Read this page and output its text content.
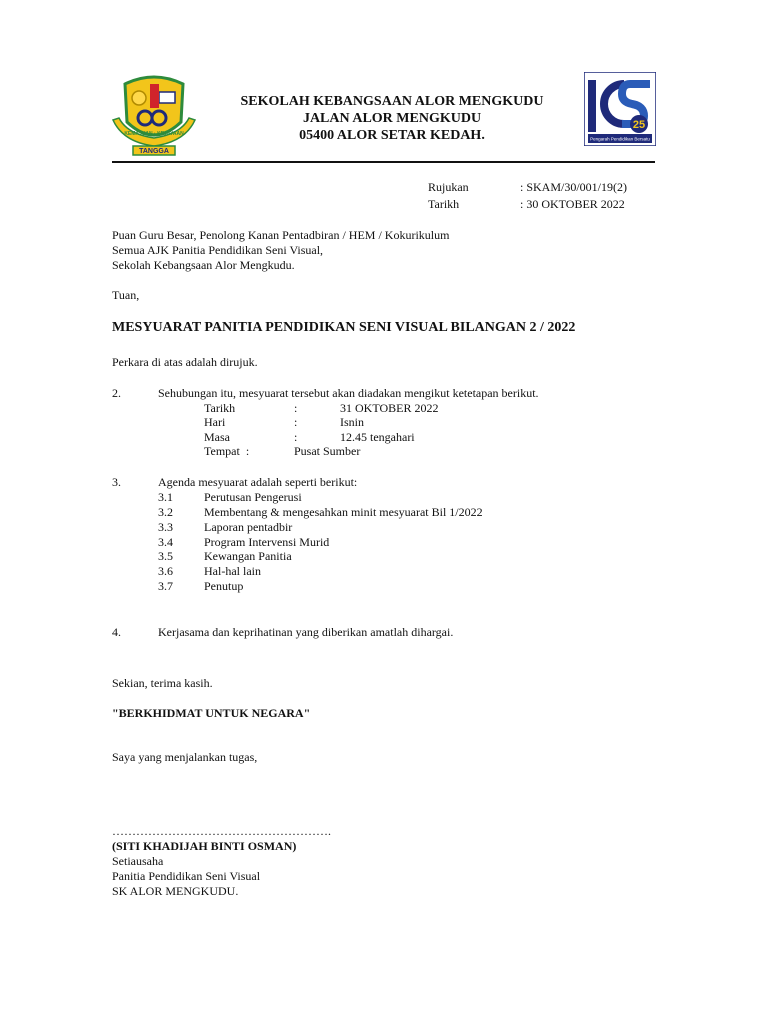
KEMAJUAN · KEJAYAAN
TANGGA
SEKOLAH KEBANGSAAN ALOR MENGKUDU
JALAN ALOR MENGKUDU
05400 ALOR SETAR KEDAH.
25
Pengarah Pendidikan Bersatu
Rujukan	: SKAM/30/001/19(2)
Tarikh	: 30 OKTOBER 2022
Puan Guru Besar, Penolong Kanan Pentadbiran / HEM / Kokurikulum
Semua AJK Panitia Pendidikan Seni Visual,
Sekolah Kebangsaan Alor Mengkudu.
Tuan,
MESYUARAT PANITIA PENDIDIKAN SENI VISUAL BILANGAN 2 / 2022
Perkara di atas adalah dirujuk.
2.	Sehubungan itu, mesyuarat tersebut akan diadakan mengikut ketetapan berikut.
Tarikh	:	31 OKTOBER 2022
Hari	:	Isnin
Masa	:	12.45 tengahari
Tempat  :	Pusat Sumber
3.	Agenda mesyuarat adalah seperti berikut:
3.1	Perutusan Pengerusi
3.2	Membentang & mengesahkan minit mesyuarat Bil 1/2022
3.3	Laporan pentadbir
3.4	Program Intervensi Murid
3.5	Kewangan Panitia
3.6	Hal-hal lain
3.7	Penutup
4.	Kerjasama dan keprihatinan yang diberikan amatlah dihargai.
Sekian, terima kasih.
"BERKHIDMAT UNTUK NEGARA"
Saya yang menjalankan tugas,
……………………………………………….
(SITI KHADIJAH BINTI OSMAN)
Setiausaha
Panitia Pendidikan Seni Visual
SK ALOR MENGKUDU.
